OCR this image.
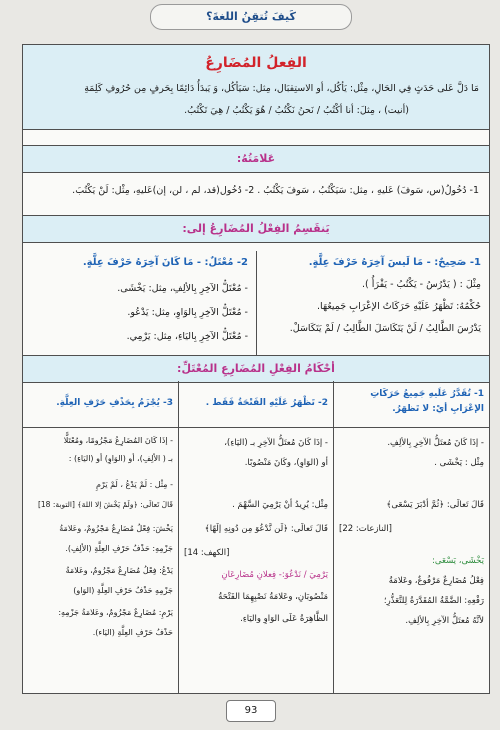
كَيفَ تُتقِنُ اللغةَ؟
الفِعلُ المُضَارِعُ
مَا دَلَّ عَلى حَدَثٍ فِي الحَالِ، مِثْل: يَأكُل، أو الاستِقبَال، مِثل: سَيَأكُل، وَ يَبدَأُ دَائِمًا بِحَرفٍ مِن حُرُوفِ كَلِمَةِ
(أنيت) ، مِثلَ: أنا أكْتُبُ / نَحنُ نَكْتُبُ / هُوَ يَكْتُبُ / هِيَ تَكْتُبُ.
عَلامَتُهُ:
1- دُخُولُ(س، سَوفَ) عَليهِ ، مِثل: سَيَكْتُبُ ، سَوفَ يَكْتُبُ . 2- دُخُول(قد، لم ، لن، إن)عَليهِ، مِثْل: لَنْ يَكْتُبَ.
يَنقَسِمُ الفِعْلُ المُضَارِعُ إلى:
1- صَحِيحٌ: - مَا لَيسَ آخِرَهُ حَرْفَ عِلَّةٍ.
مِثْلَ : ( يَدْرُسُ - يَكْتُبُ - يَقْرَأُ ).
حُكْمُهُ: تَظْهَرُ عَلَيْهِ حَرَكَاتُ الإعْرَابِ جَمِيعُهَا.
يَدْرُسَ الطَّالِبُ / لَنْ يَتَكَاسَلَ الطَّالِبُ / لَمْ يَتَكَاسَلْ.
2- مُعْتَلٌ: - مَا كَانَ آخِرَهُ حَرْفَ عِلَّةٍ.
- مُعْتَلُّ الآخِرِ بِالألِفِ، مِثل: يَخْشَى.
- مُعْتَلُّ الآخِرِ بِالوَاوِ، مِثل: يَدْعُو.
- مُعْتَلُّ الآخِرِ بِاليَاءِ، مِثل: يَرْمِي.
أحْكَامُ الفِعْلِ المُضَارِعِ المُعْتَلِّ:
1- تُقَدَّرُ عَلَيهِ جَمِيعُ حَرَكَاتِ الإعْرَابِ أيْ: لا تَظهَرُ.
- إذَا كَانَ مُعتَلُّ الآخِرِ بِالألِفِ.
مِثْل : يَخْشَى .
قَالَ تَعالَى: ﴿ثُمَّ أدْبَرَ يَسْعَى﴾
[النازعات: 22]
يَخْشَى، يَسْعَى:
فِعْلُ مُضَارِعٌ مَرْفُوعٌ، وعَلامَةُ
رَفْعِهِ: الضَّمَّةُ المُقَدَّرَةُ لِلتَّعَذُّرِ؛
لأنَّهُ مُعتَلُّ الآخِرِ بِالألِفِ.
2- تَظْهَرُ عَلَيْهِ الفَتْحَةُ فَقَط .
- إذَا كَانَ مُعتَلُّ الآخِرِ بـ (اليَاءِ)،
أو (الوَاوِ)، وكَانَ مَنْصُوبًا.
مِثْل: يُرِيدُ أنْ يَرْمِيَ السَّهْمَ .
قَالَ تَعالَى: ﴿لَن نَّدْعُوَ مِن دُونِهِ إلَهًا﴾
[الكهف: 14]
يَرْمِيَ / نَدْعُوَ:- فِعلانِ مُضَارِعَانِ
مَنْصُوبَانِ، وعَلامَةُ نَصْبِهِمَا الفَتْحَةُ
الظَّاهِرَةُ عَلَى الوَاوِ واليَاءِ.
3- يُجْزَمُ بِحَذْفِ حَرْفِ العِلَّةِ.
- إذَا كَانَ المُضَارِعُ مَجْزُومًا، ومُعْتَلًّا
بـ ( الألِفِ)، أو (الوَاوِ) أو (اليَاءِ) :
- مِثْل : لَمْ يَدْعُ ، لَمْ يَرْمِ
قَالَ تَعالَى: ﴿ولَمْ يَخْشَ إلا اللهَ﴾ [التوبة: 18]
يَخْشَ: فِعْلُ مُضَارِعٌ مَجْزُومٌ، وعَلامَةُ
جَزْمِهِ: حَذْفُ حَرْفِ العِلَّةِ (الألِفِ).
يَدْعُ: فِعْلُ مُضَارِعٌ مَجْزُومٌ، وعَلامَةُ
جَزْمِهِ حَذْفُ حَرْفِ العِلَّةِ (الوَاو)
يَرْمِ: مُضَارِعٌ مَجْزُومٌ، وعَلامَةُ جَزْمِهِ:
حَذْفُ حَرْفِ العِلَّةِ (اليَاء).
93
